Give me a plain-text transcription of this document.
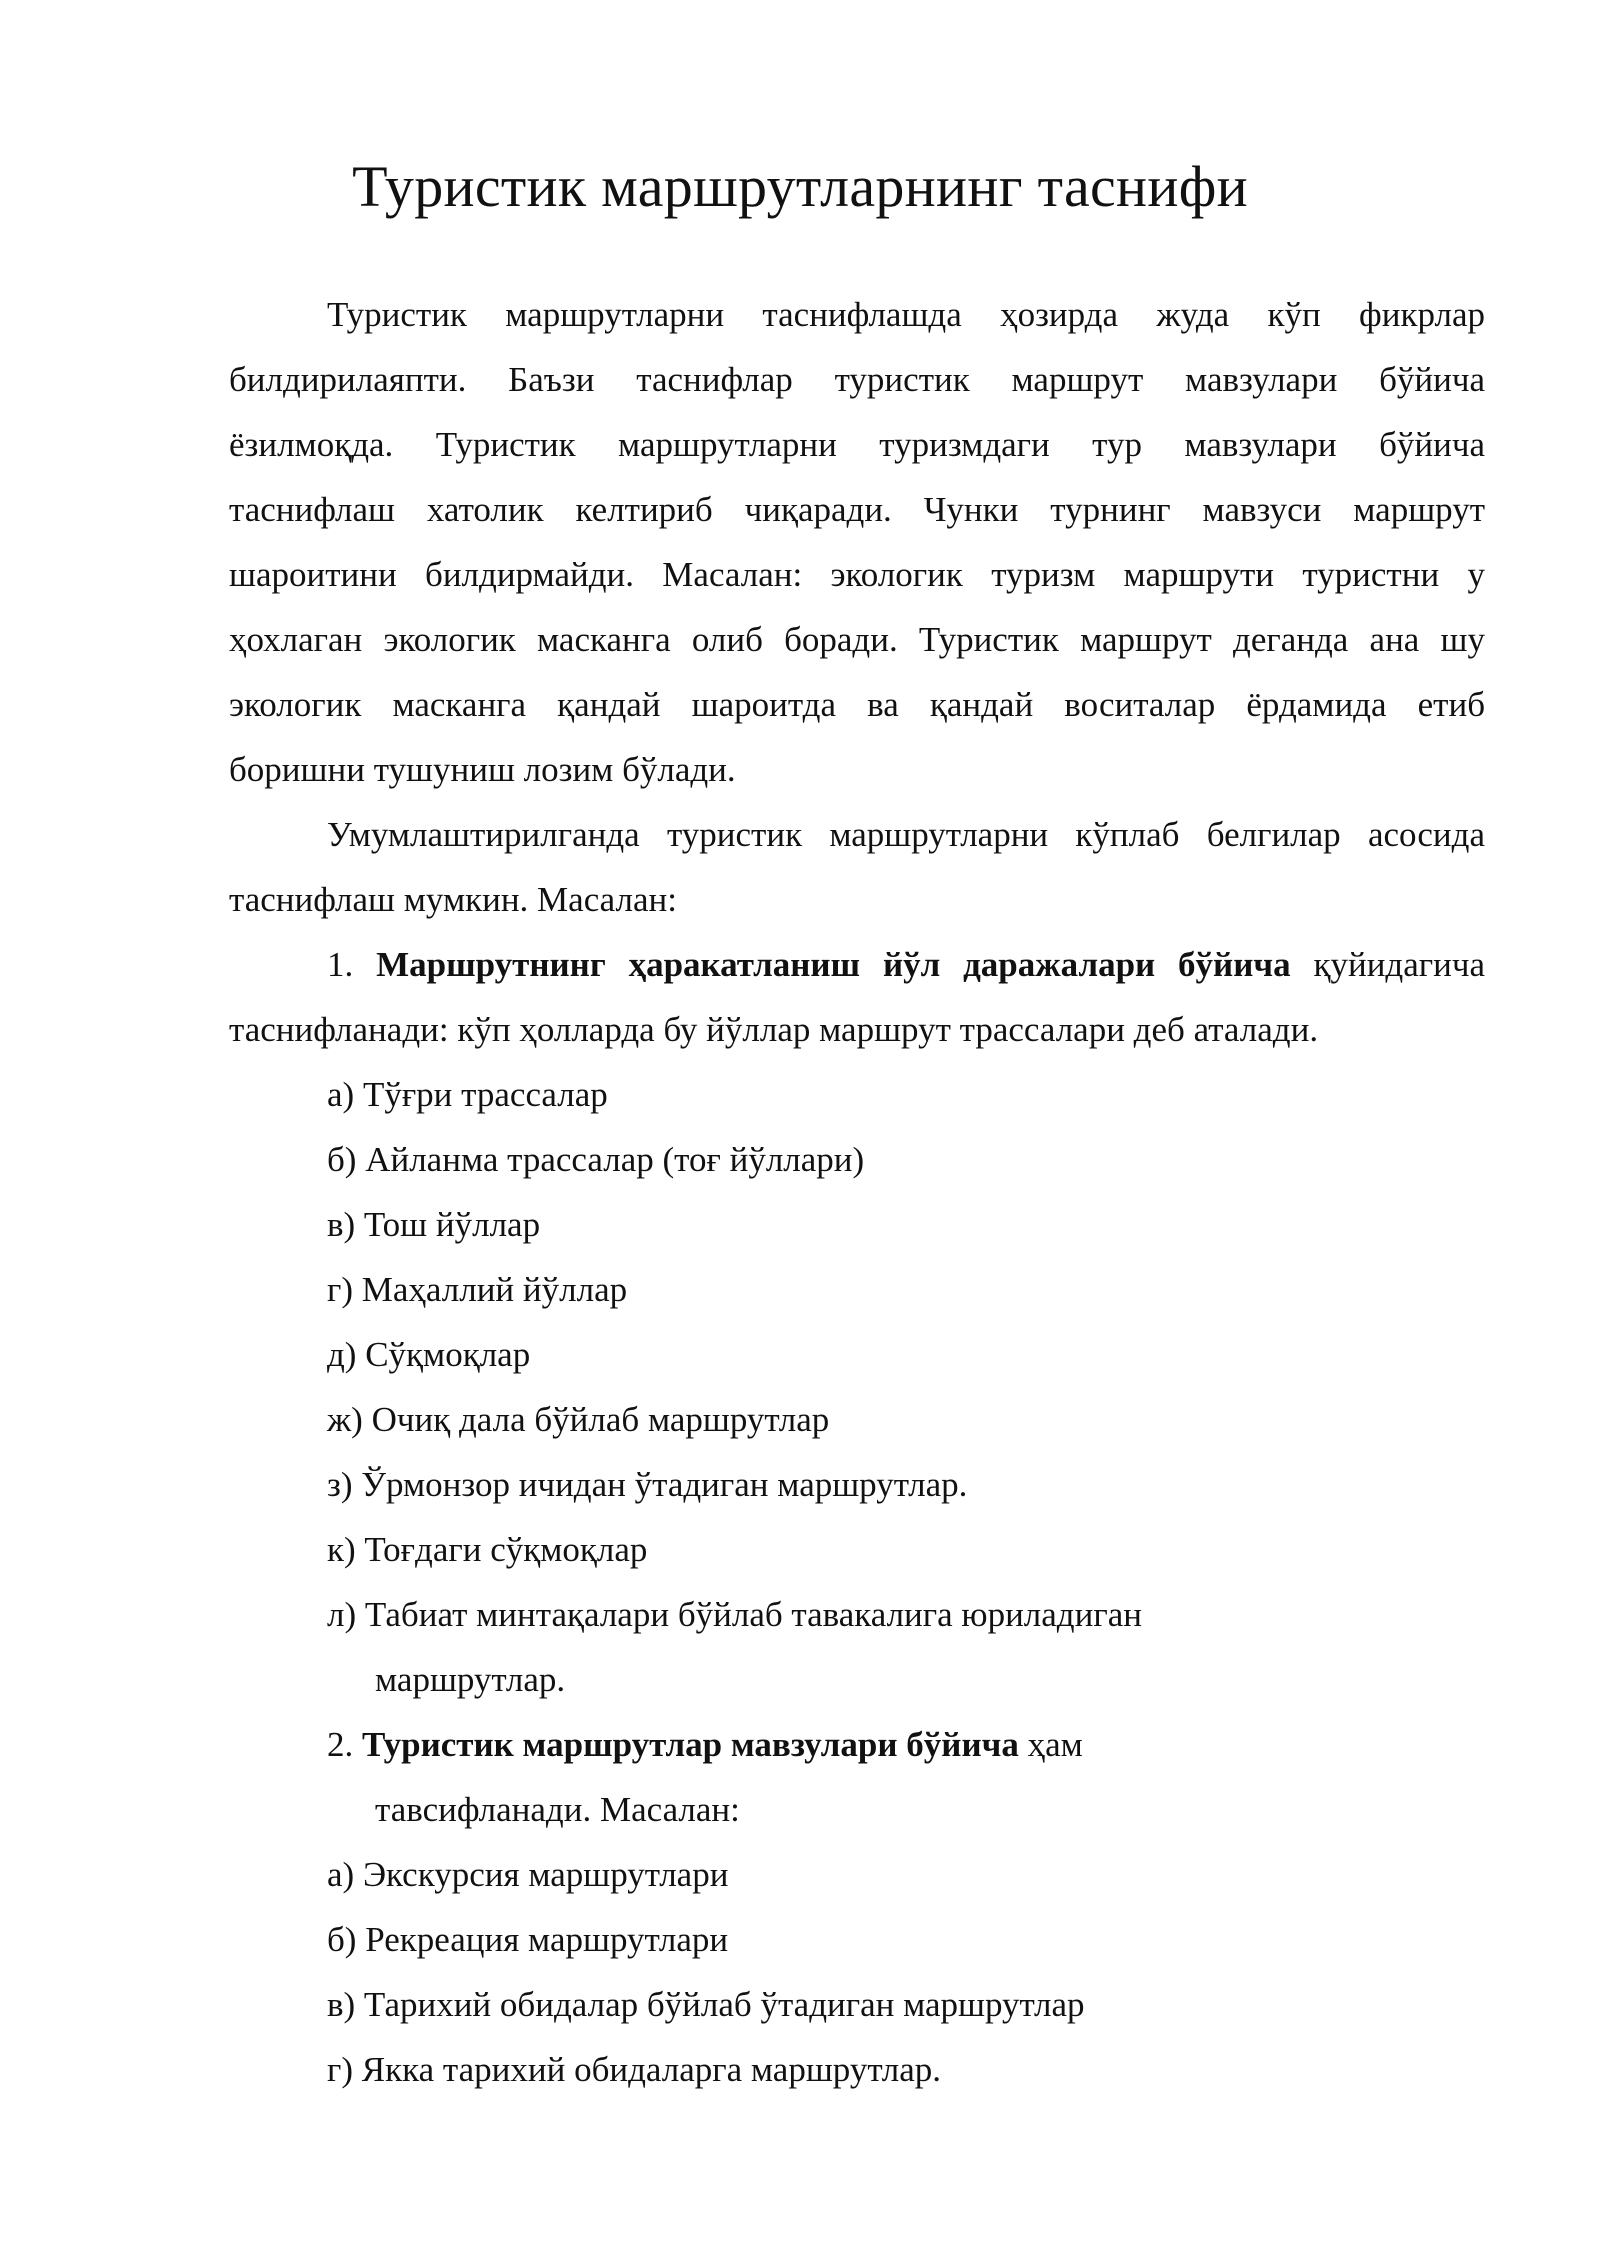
Туристик маршрутларнинг таснифи
Туристик маршрутларни таснифлашда ҳозирда жуда кўп фикрлар
билдирилаяпти. Баъзи таснифлар туристик маршрут мавзулари бўйича
ёзилмоқда. Туристик маршрутларни туризмдаги тур мавзулари бўйича
таснифлаш хатолик келтириб чиқаради. Чунки турнинг мавзуси маршрут
шароитини билдирмайди. Масалан: экологик туризм маршрути туристни у
ҳохлаган экологик масканга олиб боради. Туристик маршрут деганда ана шу
экологик масканга қандай шароитда ва қандай воситалар ёрдамида етиб
боришни тушуниш лозим бўлади.
Умумлаштирилганда туристик маршрутларни кўплаб белгилар асосида
таснифлаш мумкин. Масалан:
1. Маршрутнинг ҳаракатланиш йўл даражалари бўйича қуйидагича
таснифланади: кўп ҳолларда бу йўллар маршрут трассалари деб аталади.
а) Тўғри трассалар
б) Айланма трассалар (тоғ йўллари)
в) Тош йўллар
г) Маҳаллий йўллар
д) Сўқмоқлар
ж) Очиқ дала бўйлаб маршрутлар
з) Ўрмонзор ичидан ўтадиган маршрутлар.
к) Тоғдаги сўқмоқлар
л) Табиат минтақалари бўйлаб тавакалига юриладиган
маршрутлар.
2. Туристик маршрутлар мавзулари бўйича ҳам
тавсифланади. Масалан:
а) Экскурсия маршрутлари
б) Рекреация маршрутлари
в) Тарихий обидалар бўйлаб ўтадиган маршрутлар
г) Якка тарихий обидаларга маршрутлар.
